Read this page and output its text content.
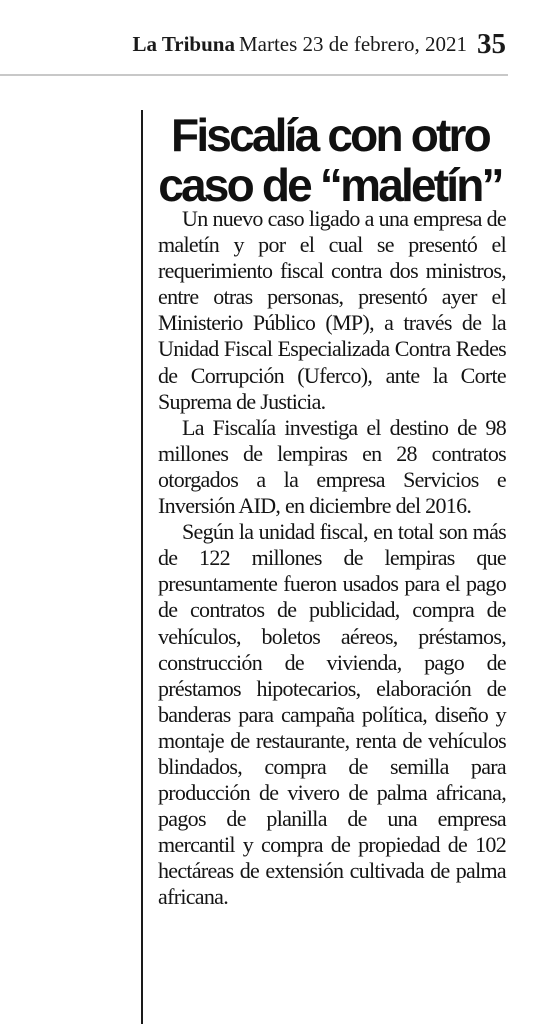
La Tribuna Martes 23 de febrero, 2021 35
Fiscalía con otro caso de “maletín”

Un nuevo caso ligado a una empresa de maletín y por el cual se presentó el requerimiento fiscal contra dos ministros, entre otras personas, presentó ayer el Ministerio Público (MP), a través de la Unidad Fiscal Especializada Contra Redes de Corrupción (Uferco), ante la Corte Suprema de Justicia.

La Fiscalía investiga el destino de 98 millones de lempiras en 28 contratos otorgados a la empresa Servicios e Inversión AID, en diciembre del 2016.

Según la unidad fiscal, en total son más de 122 millones de lempiras que presuntamente fueron usados para el pago de contratos de publicidad, compra de vehículos, boletos aéreos, préstamos, construcción de vivienda, pago de préstamos hipotecarios, elaboración de banderas para campaña política, diseño y montaje de restaurante, renta de vehículos blindados, compra de semilla para producción de vivero de palma africana, pagos de planilla de una empresa mercantil y compra de propiedad de 102 hectáreas de extensión cultivada de palma africana.
